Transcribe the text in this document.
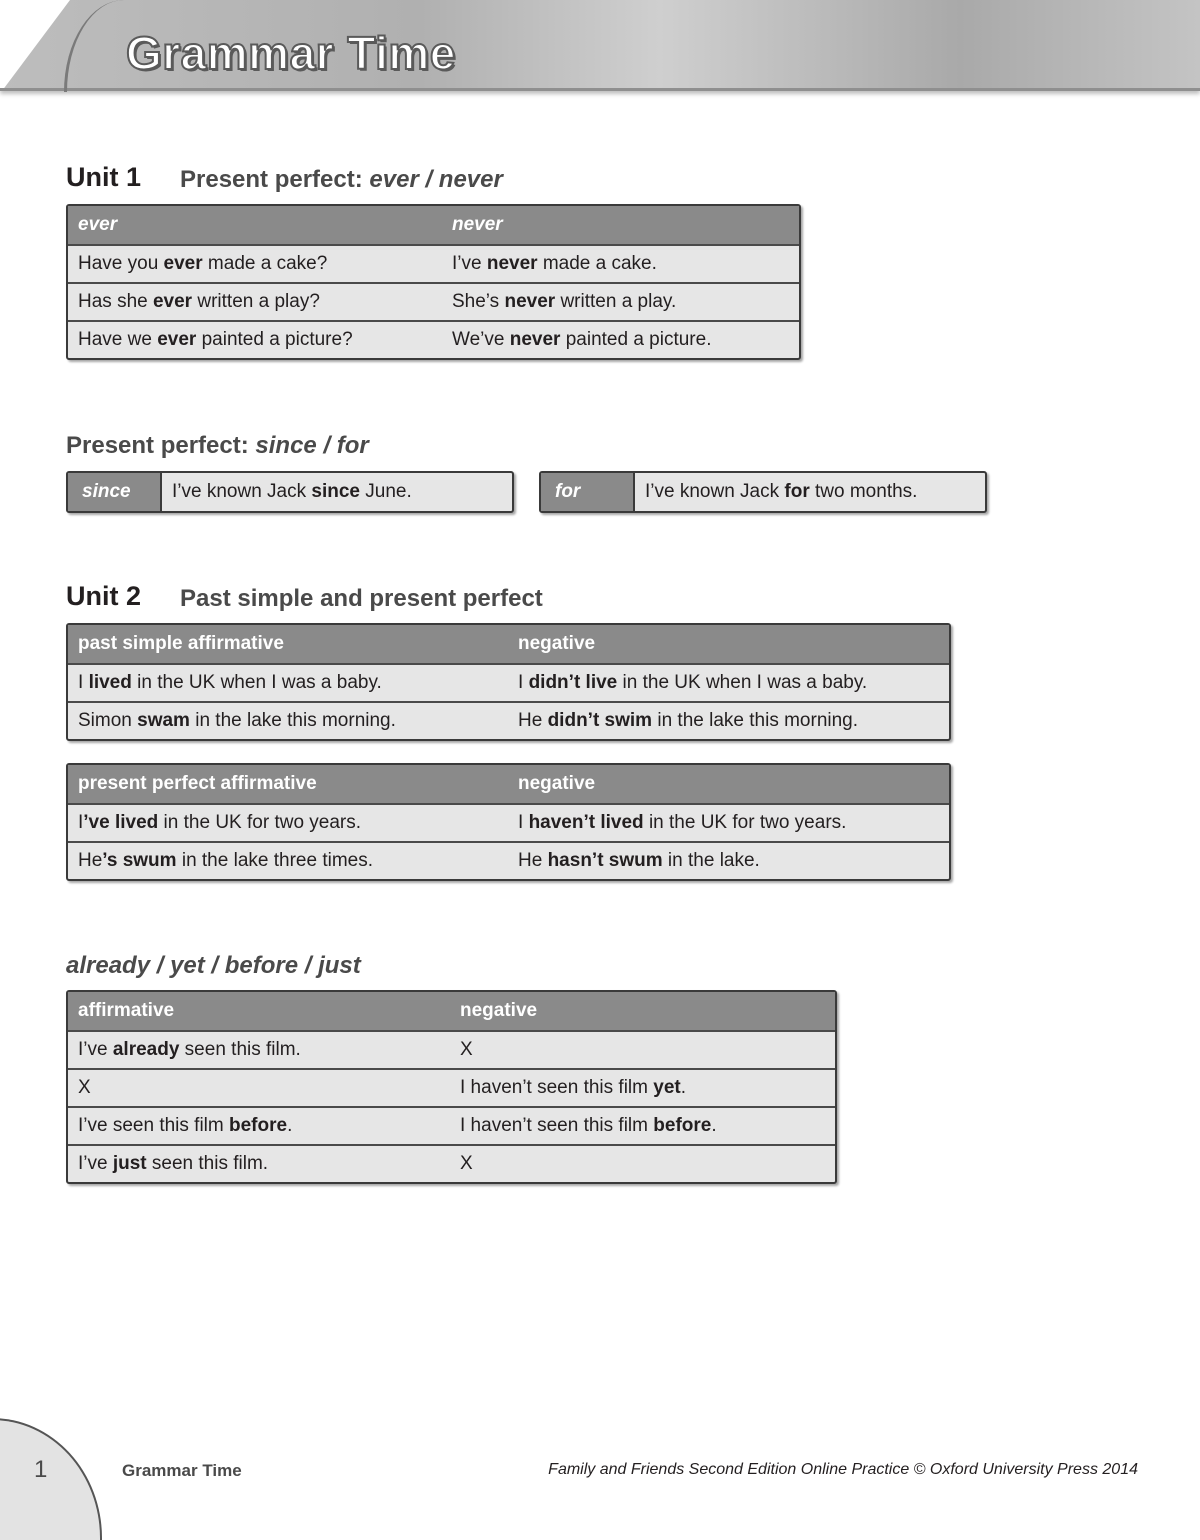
Grammar Time
Unit 1 Present perfect: ever / never
ever	never
Have you ever made a cake?	I’ve never made a cake.
Has she ever written a play?	She’s never written a play.
Have we ever painted a picture?	We’ve never painted a picture.
Present perfect: since / for
since	I’ve known Jack since June.	for	I’ve known Jack for two months.
Unit 2 Past simple and present perfect
past simple affirmative	negative
I lived in the UK when I was a baby.	I didn’t live in the UK when I was a baby.
Simon swam in the lake this morning.	He didn’t swim in the lake this morning.
present perfect affirmative	negative
I’ve lived in the UK for two years.	I haven’t lived in the UK for two years.
He’s swum in the lake three times.	He hasn’t swum in the lake.
already / yet / before / just
affirmative	negative
I’ve already seen this film.	X
X	I haven’t seen this film yet.
I’ve seen this film before.	I haven’t seen this film before.
I’ve just seen this film.	X
1	Grammar Time	Family and Friends Second Edition Online Practice © Oxford University Press 2014
